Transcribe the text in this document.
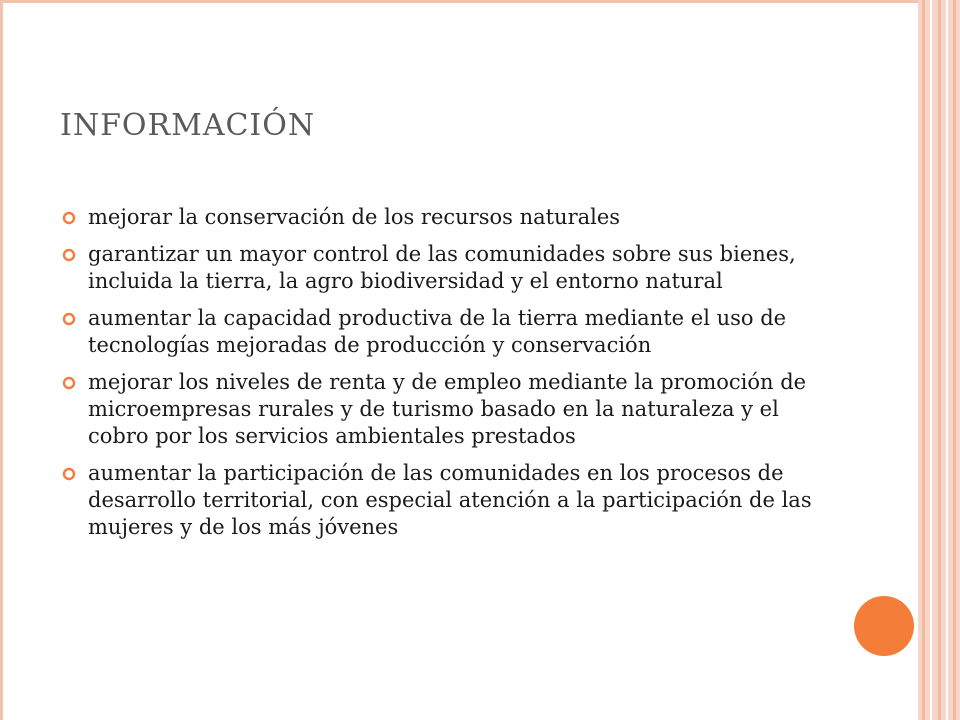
INFORMACIÓN
mejorar la conservación de los recursos naturales
garantizar un mayor control de las comunidades sobre sus bienes, incluida la tierra, la agro biodiversidad y el entorno natural
aumentar la capacidad productiva de la tierra mediante el uso de tecnologías mejoradas de producción y conservación
mejorar los niveles de renta y de empleo mediante la promoción de microempresas rurales y de turismo basado en la naturaleza y el cobro por los servicios ambientales prestados
aumentar la participación de las comunidades en los procesos de desarrollo territorial, con especial atención a la participación de las mujeres y de los más jóvenes
